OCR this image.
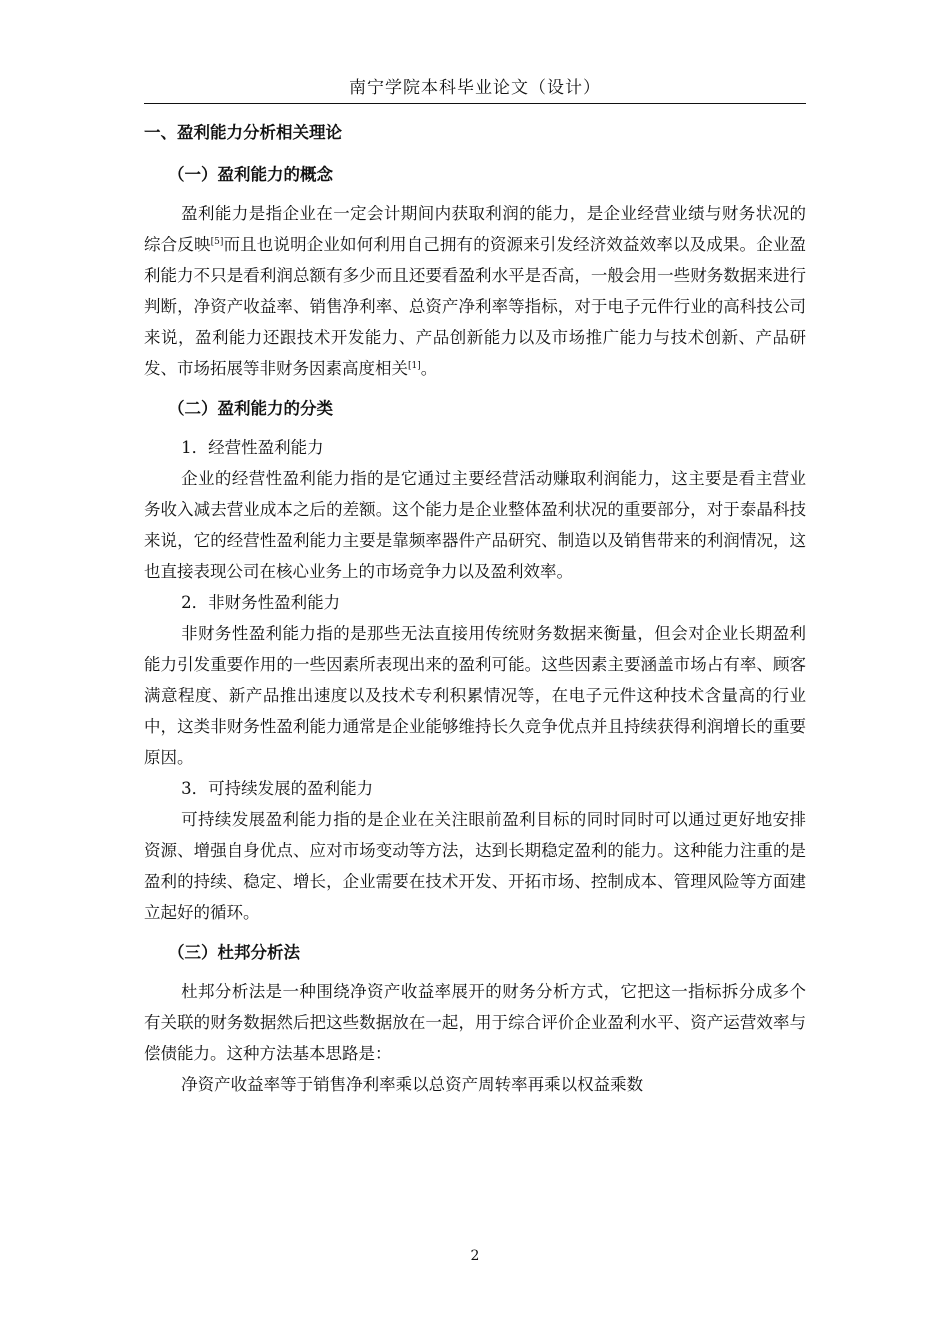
南宁学院本科毕业论文（设计）
一、盈利能力分析相关理论
（一）盈利能力的概念

盈利能力是指企业在一定会计期间内获取利润的能力，是企业经营业绩与财务状况的综合反映[5]而且也说明企业如何利用自己拥有的资源来引发经济效益效率以及成果。企业盈利能力不只是看利润总额有多少而且还要看盈利水平是否高，一般会用一些财务数据来进行判断，净资产收益率、销售净利率、总资产净利率等指标，对于电子元件行业的高科技公司来说，盈利能力还跟技术开发能力、产品创新能力以及市场推广能力与技术创新、产品研发、市场拓展等非财务因素高度相关[1]。

（二）盈利能力的分类

1．经营性盈利能力

企业的经营性盈利能力指的是它通过主要经营活动赚取利润能力，这主要是看主营业务收入减去营业成本之后的差额。这个能力是企业整体盈利状况的重要部分，对于泰晶科技来说，它的经营性盈利能力主要是靠频率器件产品研究、制造以及销售带来的利润情况，这也直接表现公司在核心业务上的市场竞争力以及盈利效率。

2．非财务性盈利能力

非财务性盈利能力指的是那些无法直接用传统财务数据来衡量，但会对企业长期盈利能力引发重要作用的一些因素所表现出来的盈利可能。这些因素主要涵盖市场占有率、顾客满意程度、新产品推出速度以及技术专利积累情况等，在电子元件这种技术含量高的行业中，这类非财务性盈利能力通常是企业能够维持长久竞争优点并且持续获得利润增长的重要原因。

3．可持续发展的盈利能力

可持续发展盈利能力指的是企业在关注眼前盈利目标的同时同时可以通过更好地安排资源、增强自身优点、应对市场变动等方法，达到长期稳定盈利的能力。这种能力注重的是盈利的持续、稳定、增长，企业需要在技术开发、开拓市场、控制成本、管理风险等方面建立起好的循环。

（三）杜邦分析法

杜邦分析法是一种围绕净资产收益率展开的财务分析方式，它把这一指标拆分成多个有关联的财务数据然后把这些数据放在一起，用于综合评价企业盈利水平、资产运营效率与偿债能力。这种方法基本思路是：

净资产收益率等于销售净利率乘以总资产周转率再乘以权益乘数

2
